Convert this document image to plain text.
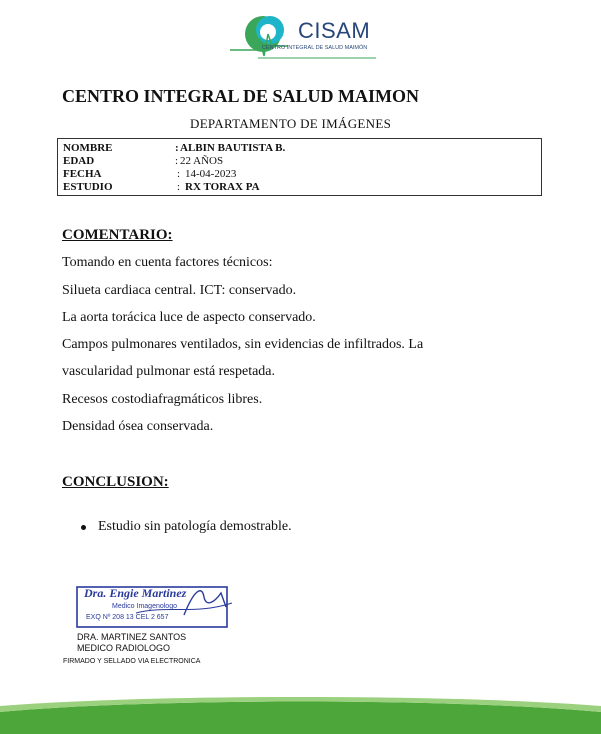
CISAM
CENTRO INTEGRAL DE SALUD MAIMÓN
CENTRO INTEGRAL DE SALUD MAIMON
DEPARTAMENTO DE IMÁGENES
NOMBRE	: ALBIN BAUTISTA B.
EDAD	: 22 AÑOS
FECHA	: 14-04-2023
ESTUDIO	: RX TORAX PA
COMENTARIO:
Tomando en cuenta factores técnicos:
Silueta cardiaca central. ICT: conservado.
La aorta torácica luce de aspecto conservado.
Campos pulmonares ventilados, sin evidencias de infiltrados. La
vascularidad pulmonar está respetada.
Recesos costodiafragmáticos libres.
Densidad ósea conservada.
CONCLUSION:
Estudio sin patología demostrable.
Dra. Engie Martinez
Medico Imagenologo
EXQ Nº 208 13 CEL 2 657
DRA. MARTINEZ SANTOS
MEDICO RADIOLOGO
FIRMADO Y SELLADO VIA ELECTRONICA
